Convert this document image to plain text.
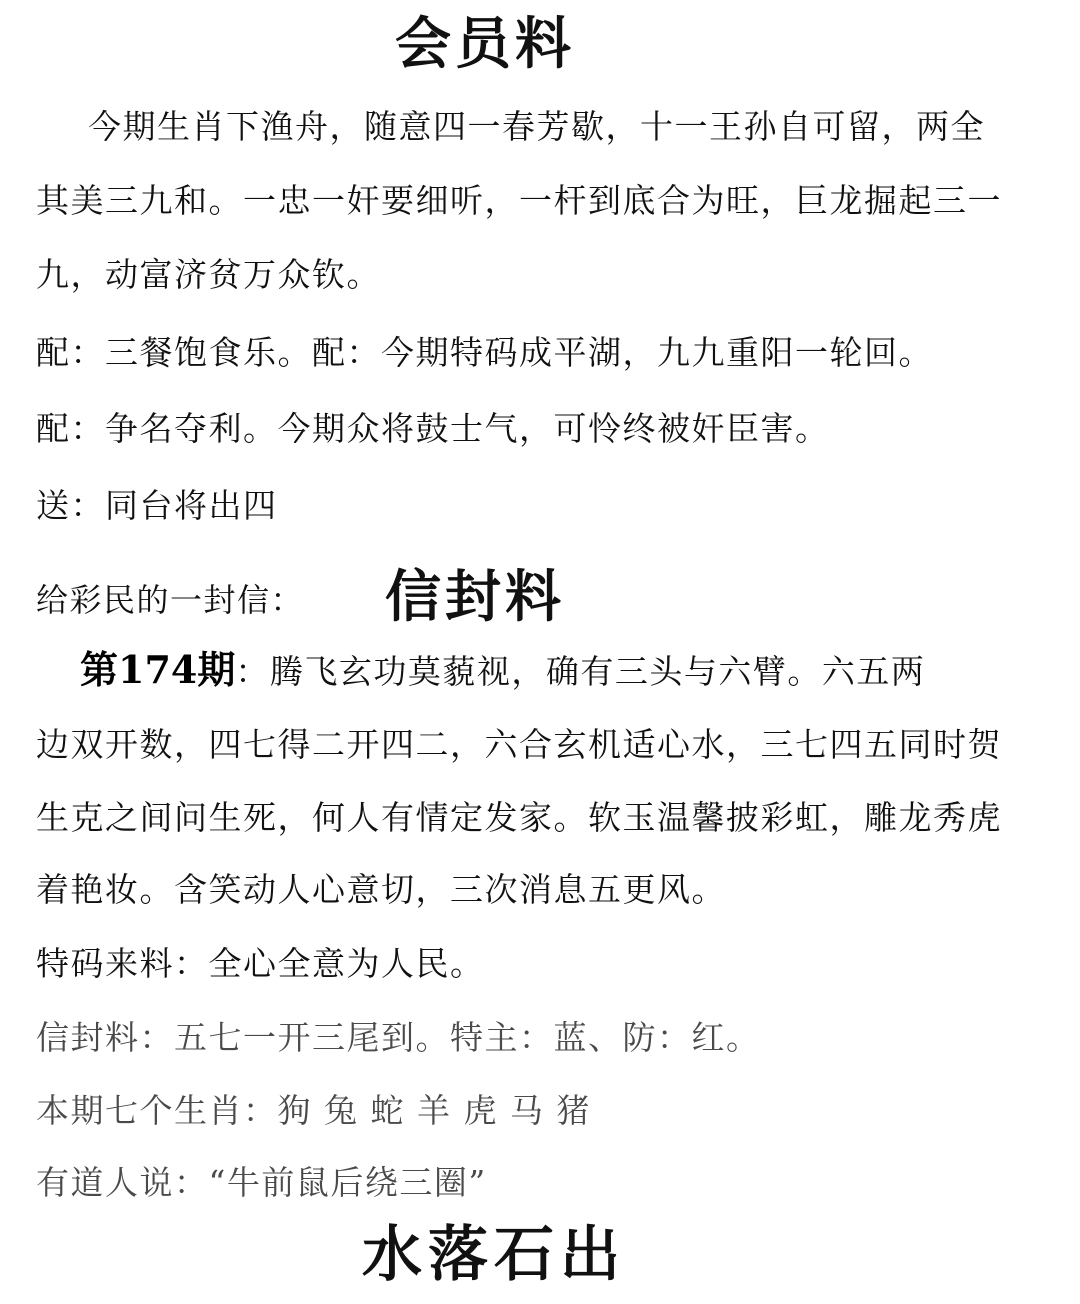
会员料
今期生肖下渔舟，随意四一春芳歇，十一王孙自可留，两全
其美三九和。一忠一奸要细听，一杆到底合为旺，巨龙掘起三一
九，动富济贫万众钦。
配：三餐饱食乐。配：今期特码成平湖，九九重阳一轮回。
配：争名夺利。今期众将鼓士气，可怜终被奸臣害。
送：同台将出四
给彩民的一封信：	信封料
第174期：腾飞玄功莫藐视，确有三头与六臂。六五两
边双开数，四七得二开四二，六合玄机适心水，三七四五同时贺
生克之间问生死，何人有情定发家。软玉温馨披彩虹，雕龙秀虎
着艳妆。含笑动人心意切，三次消息五更风。
特码来料：全心全意为人民。
信封料：五七一开三尾到。特主：蓝、防：红。
本期七个生肖：狗 兔 蛇 羊 虎 马 猪
有道人说：“牛前鼠后绕三圈”
水落石出
